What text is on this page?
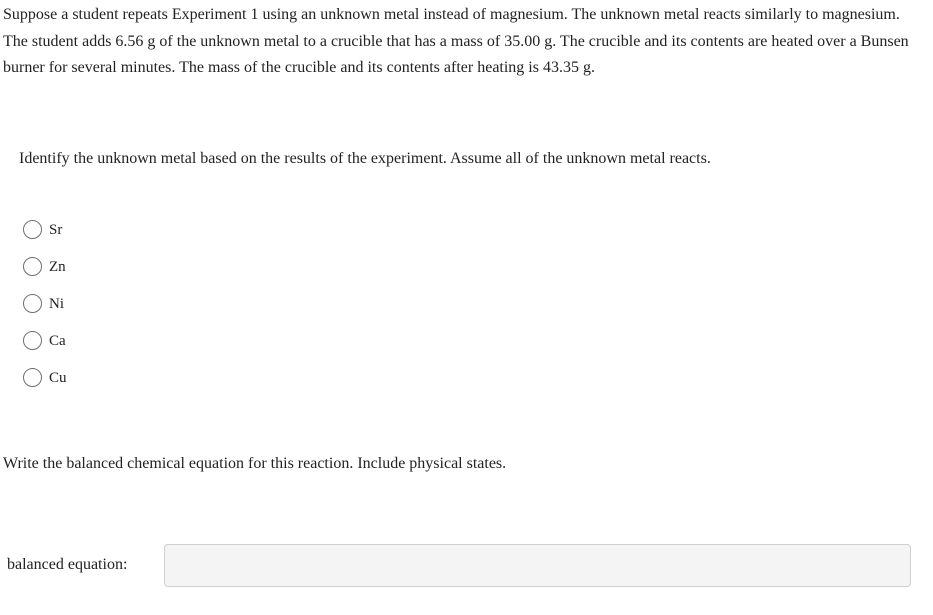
Suppose a student repeats Experiment 1 using an unknown metal instead of magnesium. The unknown metal reacts similarly to magnesium. The student adds 6.56 g of the unknown metal to a crucible that has a mass of 35.00 g. The crucible and its contents are heated over a Bunsen burner for several minutes. The mass of the crucible and its contents after heating is 43.35 g.

Identify the unknown metal based on the results of the experiment. Assume all of the unknown metal reacts.

Sr
Zn
Ni
Ca
Cu

Write the balanced chemical equation for this reaction. Include physical states.

balanced equation:
